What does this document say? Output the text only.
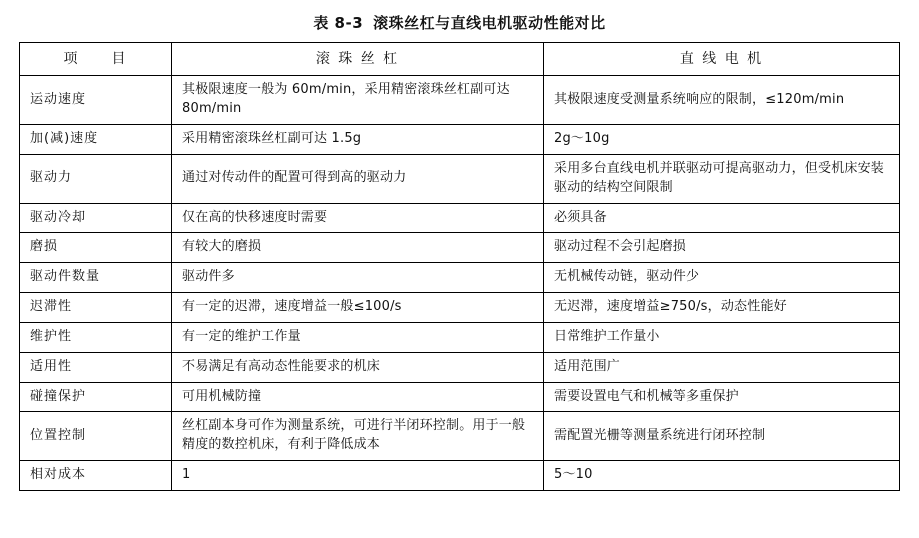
表 8-3 滚珠丝杠与直线电机驱动性能对比
项　　目	滚 珠 丝 杠	直 线 电 机
运动速度	其极限速度一般为 60m/min，采用精密滚珠丝杠副可达 80m/min	其极限速度受测量系统响应的限制，≤120m/min
加(减)速度	采用精密滚珠丝杠副可达 1.5g	2g～10g
驱动力	通过对传动件的配置可得到高的驱动力	采用多台直线电机并联驱动可提高驱动力，但受机床安装驱动的结构空间限制
驱动冷却	仅在高的快移速度时需要	必须具备
磨损	有较大的磨损	驱动过程不会引起磨损
驱动件数量	驱动件多	无机械传动链，驱动件少
迟滞性	有一定的迟滞，速度增益一般≤100/s	无迟滞，速度增益≥750/s，动态性能好
维护性	有一定的维护工作量	日常维护工作量小
适用性	不易满足有高动态性能要求的机床	适用范围广
碰撞保护	可用机械防撞	需要设置电气和机械等多重保护
位置控制	丝杠副本身可作为测量系统，可进行半闭环控制。用于一般精度的数控机床，有利于降低成本	需配置光栅等测量系统进行闭环控制
相对成本	1	5～10
